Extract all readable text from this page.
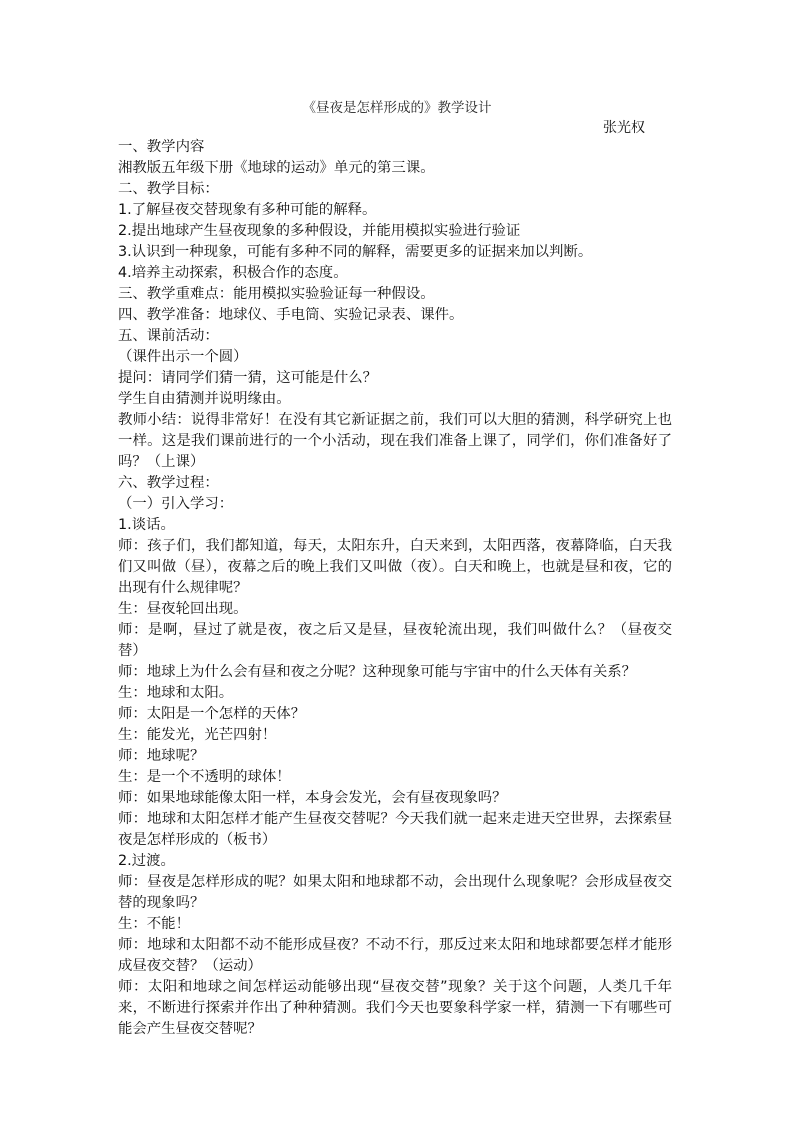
《昼夜是怎样形成的》教学设计
张光权

一、教学内容

湘教版五年级下册《地球的运动》单元的第三课。

二、教学目标：

1.了解昼夜交替现象有多种可能的解释。

2.提出地球产生昼夜现象的多种假设，并能用模拟实验进行验证

3.认识到一种现象，可能有多种不同的解释，需要更多的证据来加以判断。

4.培养主动探索，积极合作的态度。

三、教学重难点：能用模拟实验验证每一种假设。

四、教学准备：地球仪、手电筒、实验记录表、课件。

五、课前活动：

（课件出示一个圆）

提问：请同学们猜一猜，这可能是什么？

学生自由猜测并说明缘由。

教师小结：说得非常好！在没有其它新证据之前，我们可以大胆的猜测，科学研究上也一样。这是我们课前进行的一个小活动，现在我们准备上课了，同学们，你们准备好了吗？（上课）

六、教学过程：

（一）引入学习：

1.谈话。

师：孩子们，我们都知道，每天，太阳东升，白天来到，太阳西落，夜幕降临，白天我们又叫做（昼），夜幕之后的晚上我们又叫做（夜）。白天和晚上，也就是昼和夜，它的出现有什么规律呢？

生：昼夜轮回出现。

师：是啊，昼过了就是夜，夜之后又是昼，昼夜轮流出现，我们叫做什么？（昼夜交替）

师：地球上为什么会有昼和夜之分呢？这种现象可能与宇宙中的什么天体有关系？

生：地球和太阳。

师：太阳是一个怎样的天体？

生：能发光，光芒四射！

师：地球呢？

生：是一个不透明的球体！

师：如果地球能像太阳一样，本身会发光，会有昼夜现象吗？

师：地球和太阳怎样才能产生昼夜交替呢？今天我们就一起来走进天空世界，去探索昼夜是怎样形成的（板书）

2.过渡。

师：昼夜是怎样形成的呢？如果太阳和地球都不动，会出现什么现象呢？会形成昼夜交替的现象吗？

生：不能！

师：地球和太阳都不动不能形成昼夜？不动不行，那反过来太阳和地球都要怎样才能形成昼夜交替？（运动）

师：太阳和地球之间怎样运动能够出现“昼夜交替”现象？关于这个问题，人类几千年来，不断进行探索并作出了种种猜测。我们今天也要象科学家一样，猜测一下有哪些可能会产生昼夜交替呢？
